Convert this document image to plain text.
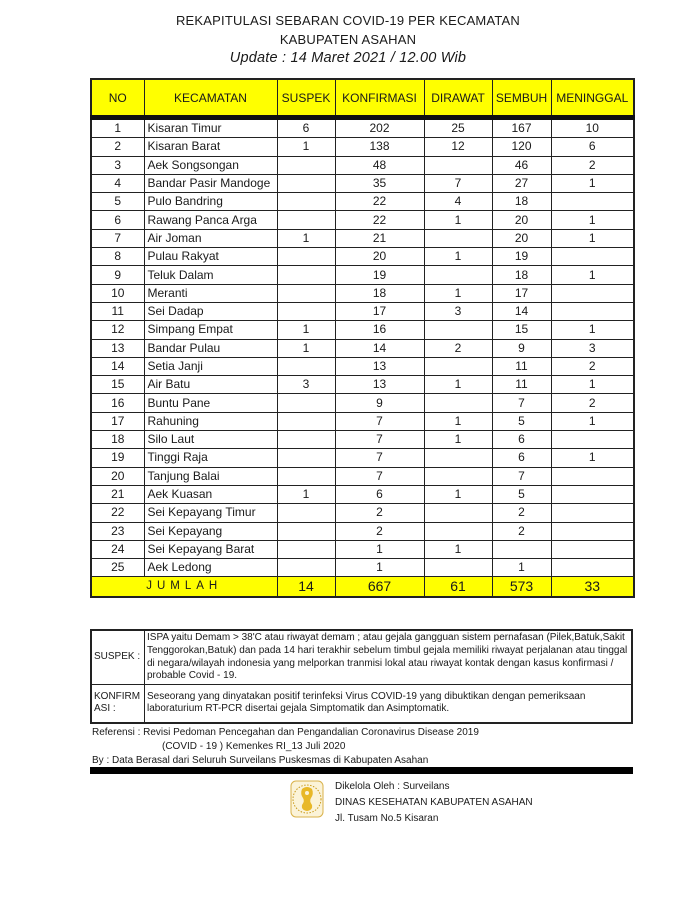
REKAPITULASI SEBARAN COVID-19 PER KECAMATAN
KABUPATEN ASAHAN
Update : 14 Maret 2021 / 12.00 Wib
NO	KECAMATAN	SUSPEK	KONFIRMASI	DIRAWAT	SEMBUH	MENINGGAL
1	Kisaran Timur	6	202	25	167	10
2	Kisaran Barat	1	138	12	120	6
3	Aek Songsongan		48		46	2
4	Bandar Pasir Mandoge		35	7	27	1
5	Pulo Bandring		22	4	18	
6	Rawang Panca Arga		22	1	20	1
7	Air Joman	1	21		20	1
8	Pulau Rakyat		20	1	19	
9	Teluk Dalam		19		18	1
10	Meranti		18	1	17	
11	Sei Dadap		17	3	14	
12	Simpang Empat	1	16		15	1
13	Bandar Pulau	1	14	2	9	3
14	Setia Janji		13		11	2
15	Air Batu	3	13	1	11	1
16	Buntu Pane		9		7	2
17	Rahuning		7	1	5	1
18	Silo Laut		7	1	6	
19	Tinggi Raja		7		6	1
20	Tanjung Balai		7		7	
21	Aek Kuasan	1	6	1	5	
22	Sei Kepayang Timur		2		2	
23	Sei Kepayang		2		2	
24	Sei Kepayang Barat		1	1		
25	Aek Ledong		1		1	
JUMLAH		14	667	61	573	33
SUSPEK :	ISPA yaitu Demam > 38'C atau riwayat demam ; atau gejala gangguan sistem pernafasan (Pilek,Batuk,Sakit Tenggorokan,Batuk) dan pada 14 hari terakhir sebelum timbul gejala memiliki riwayat perjalanan atau tinggal di negara/wilayah indonesia yang melporkan tranmisi lokal atau riwayat kontak dengan kasus konfirmasi / probable Covid - 19.
KONFIRMASI :	Seseorang yang dinyatakan positif terinfeksi Virus COVID-19 yang dibuktikan dengan pemeriksaan laboraturium RT-PCR disertai gejala Simptomatik dan Asimptomatik.
Referensi : Revisi Pedoman Pencegahan dan Pengandalian Coronavirus Disease 2019
(COVID - 19 ) Kemenkes RI_13 Juli 2020
By : Data Berasal dari Seluruh Surveilans Puskesmas di Kabupaten Asahan
Dikelola Oleh : Surveilans
DINAS KESEHATAN KABUPATEN ASAHAN
Jl. Tusam No.5 Kisaran
